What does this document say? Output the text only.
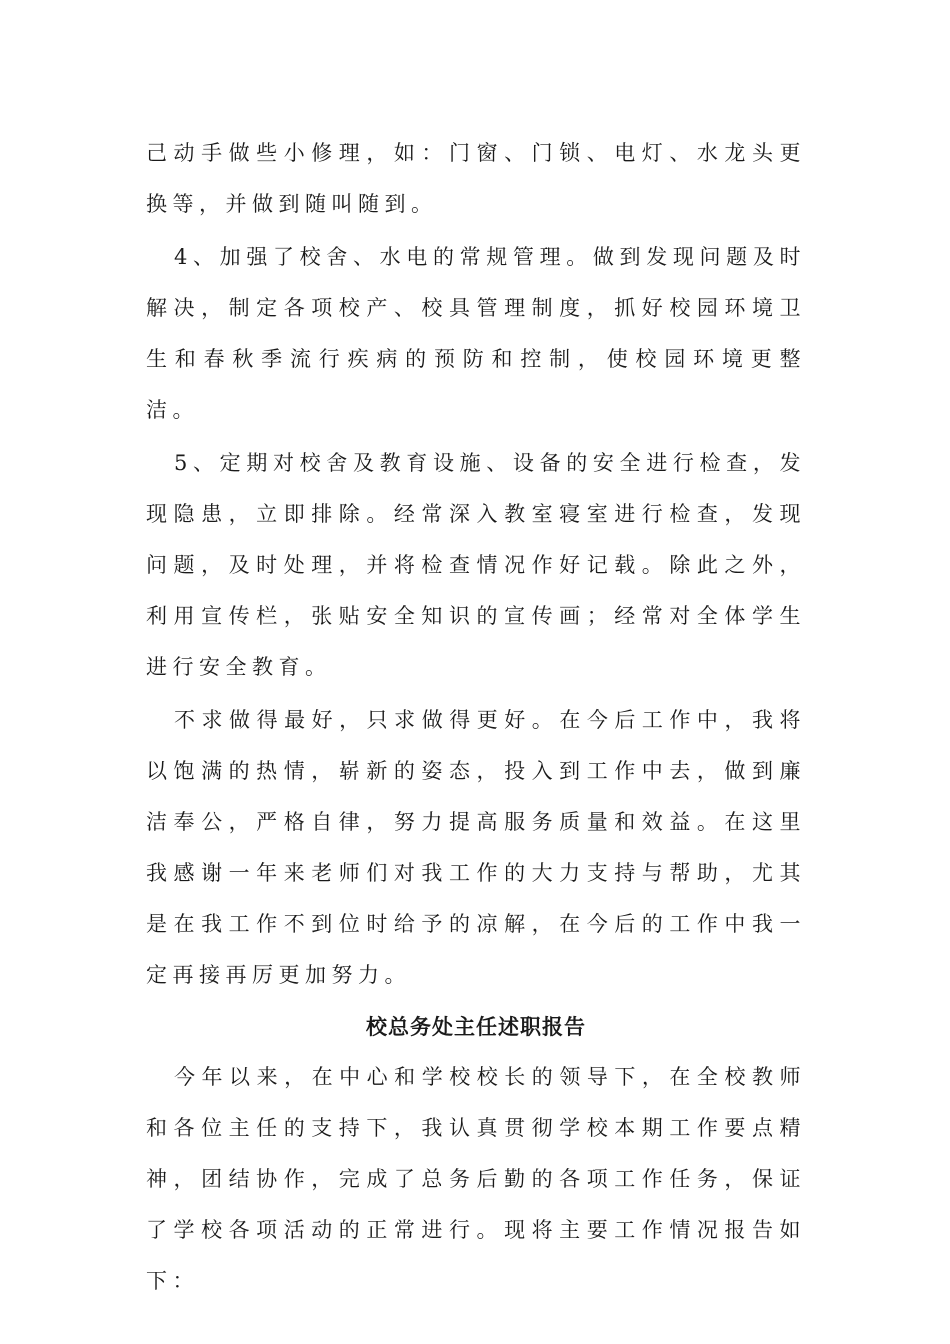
己动手做些小修理，如：门窗、门锁、电灯、水龙头更换等，并做到随叫随到。

4、加强了校舍、水电的常规管理。做到发现问题及时解决，制定各项校产、校具管理制度，抓好校园环境卫生和春秋季流行疾病的预防和控制，使校园环境更整洁。

5、定期对校舍及教育设施、设备的安全进行检查，发现隐患，立即排除。经常深入教室寝室进行检查，发现问题，及时处理，并将检查情况作好记载。除此之外，利用宣传栏，张贴安全知识的宣传画；经常对全体学生进行安全教育。

不求做得最好，只求做得更好。在今后工作中，我将以饱满的热情，崭新的姿态，投入到工作中去，做到廉洁奉公，严格自律，努力提高服务质量和效益。在这里我感谢一年来老师们对我工作的大力支持与帮助，尤其是在我工作不到位时给予的凉解，在今后的工作中我一定再接再厉更加努力。

校总务处主任述职报告

今年以来，在中心和学校校长的领导下，在全校教师和各位主任的支持下，我认真贯彻学校本期工作要点精神，团结协作，完成了总务后勤的各项工作任务，保证了学校各项活动的正常进行。现将主要工作情况报告如下：
